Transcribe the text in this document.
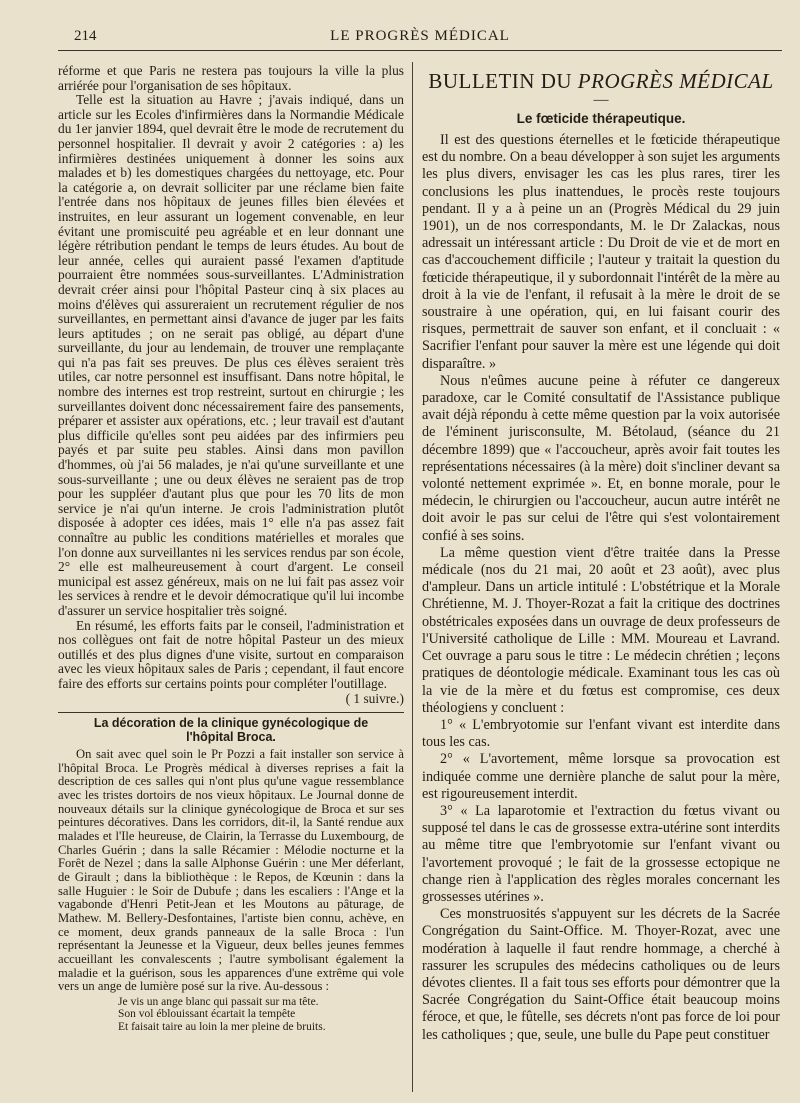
214	LE PROGRÈS MÉDICAL

réforme et que Paris ne restera pas toujours la ville la plus arriérée pour l'organisation de ses hôpitaux.

Telle est la situation au Havre ; j'avais indiqué, dans un article sur les Ecoles d'infirmières dans la Normandie Médicale du 1er janvier 1894, quel devrait être le mode de recrutement du personnel hospitalier. Il devrait y avoir 2 catégories : a) les infirmières destinées uniquement à donner les soins aux malades et b) les domestiques chargées du nettoyage, etc. Pour la catégorie a, on devrait solliciter par une réclame bien faite l'entrée dans nos hôpitaux de jeunes filles bien élevées et instruites, en leur assurant un logement convenable, en leur évitant une promiscuité peu agréable et en leur donnant une légère rétribution pendant le temps de leurs études. Au bout de leur année, celles qui auraient passé l'examen d'aptitude pourraient être nommées sous-surveillantes. L'Administration devrait créer ainsi pour l'hôpital Pasteur cinq à six places au moins d'élèves qui assureraient un recrutement régulier de nos surveillantes, en permettant ainsi d'avance de juger par les faits leurs aptitudes ; on ne serait pas obligé, au départ d'une surveillante, du jour au lendemain, de trouver une remplaçante qui n'a pas fait ses preuves. De plus ces élèves seraient très utiles, car notre personnel est insuffisant. Dans notre hôpital, le nombre des internes est trop restreint, surtout en chirurgie ; les surveillantes doivent donc nécessairement faire des pansements, préparer et assister aux opérations, etc. ; leur travail est d'autant plus difficile qu'elles sont peu aidées par des infirmiers peu payés et par suite peu stables. Ainsi dans mon pavillon d'hommes, où j'ai 56 malades, je n'ai qu'une surveillante et une sous-surveillante ; une ou deux élèves ne seraient pas de trop pour les suppléer d'autant plus que pour les 70 lits de mon service je n'ai qu'un interne. Je crois l'administration plutôt disposée à adopter ces idées, mais 1° elle n'a pas assez fait connaître au public les conditions matérielles et morales que l'on donne aux surveillantes ni les services rendus par son école, 2° elle est malheureusement à court d'argent. Le conseil municipal est assez généreux, mais on ne lui fait pas assez voir les services à rendre et le devoir démocratique qu'il lui incombe d'assurer un service hospitalier très soigné.

En résumé, les efforts faits par le conseil, l'administration et nos collègues ont fait de notre hôpital Pasteur un des mieux outillés et des plus dignes d'une visite, surtout en comparaison avec les vieux hôpitaux sales de Paris ; cependant, il faut encore faire des efforts sur certains points pour compléter l'outillage.

( 1 suivre.)
La décoration de la clinique gynécologique de l'hôpital Broca.

On sait avec quel soin le Pr Pozzi a fait installer son service à l'hôpital Broca. Le Progrès médical à diverses reprises a fait la description de ces salles qui n'ont plus qu'une vague ressemblance avec les tristes dortoirs de nos vieux hôpitaux. Le Journal donne de nouveaux détails sur la clinique gynécologique de Broca et sur ses peintures décoratives. Dans les corridors, dit-il, la Santé rendue aux malades et l'Ile heureuse, de Clairin, la Terrasse du Luxembourg, de Charles Guérin ; dans la salle Récamier : Mélodie nocturne et la Forêt de Nezel ; dans la salle Alphonse Guérin : une Mer déferlant, de Girault ; dans la bibliothèque : le Repos, de Kœunin : dans la salle Huguier : le Soir de Dubufe ; dans les escaliers : l'Ange et la vagabonde d'Henri Petit-Jean et les Moutons au pâturage, de Mathew. M. Bellery-Desfontaines, l'artiste bien connu, achève, en ce moment, deux grands panneaux de la salle Broca : l'un représentant la Jeunesse et la Vigueur, deux belles jeunes femmes accueillant les convalescents ; l'autre symbolisant également la maladie et la guérison, sous les apparences d'une extrême qui vole vers un ange de lumière posé sur la rive. Au-dessous :

Je vis un ange blanc qui passait sur ma tête.
Son vol éblouissant écartait la tempête
Et faisait taire au loin la mer pleine de bruits.
BULLETIN DU PROGRÈS MÉDICAL
—
Le fœticide thérapeutique.

Il est des questions éternelles et le fœticide thérapeutique est du nombre. On a beau développer à son sujet les arguments les plus divers, envisager les cas les plus rares, tirer les conclusions les plus inattendues, le procès reste toujours pendant. Il y a à peine un an (Progrès Médical du 29 juin 1901), un de nos correspondants, M. le Dr Zalackas, nous adressait un intéressant article : Du Droit de vie et de mort en cas d'accouchement difficile ; l'auteur y traitait la question du fœticide thérapeutique, il y subordonnait l'intérêt de la mère au droit à la vie de l'enfant, il refusait à la mère le droit de se soustraire à une opération, qui, en lui faisant courir des risques, permettrait de sauver son enfant, et il concluait : « Sacrifier l'enfant pour sauver la mère est une légende qui doit disparaître. »

Nous n'eûmes aucune peine à réfuter ce dangereux paradoxe, car le Comité consultatif de l'Assistance publique avait déjà répondu à cette même question par la voix autorisée de l'éminent jurisconsulte, M. Bétolaud, (séance du 21 décembre 1899) que « l'accoucheur, après avoir fait toutes les représentations nécessaires (à la mère) doit s'incliner devant sa volonté nettement exprimée ». Et, en bonne morale, pour le médecin, le chirurgien ou l'accoucheur, aucun autre intérêt ne doit avoir le pas sur celui de l'être qui s'est volontairement confié à ses soins.

La même question vient d'être traitée dans la Presse médicale (nos du 21 mai, 20 août et 23 août), avec plus d'ampleur. Dans un article intitulé : L'obstétrique et la Morale Chrétienne, M. J. Thoyer-Rozat a fait la critique des doctrines obstétricales exposées dans un ouvrage de deux professeurs de l'Université catholique de Lille : MM. Moureau et Lavrand. Cet ouvrage a paru sous le titre : Le médecin chrétien ; leçons pratiques de déontologie médicale. Examinant tous les cas où la vie de la mère et du fœtus est compromise, ces deux théologiens y concluent :

1° « L'embryotomie sur l'enfant vivant est interdite dans tous les cas.

2° « L'avortement, même lorsque sa provocation est indiquée comme une dernière planche de salut pour la mère, est rigoureusement interdit.

3° « La laparotomie et l'extraction du fœtus vivant ou supposé tel dans le cas de grossesse extra-utérine sont interdits au même titre que l'embryotomie sur l'enfant vivant ou l'avortement provoqué ; le fait de la grossesse ectopique ne change rien à l'application des règles morales concernant les grossesses utérines ».

Ces monstruosités s'appuyent sur les décrets de la Sacrée Congrégation du Saint-Office. M. Thoyer-Rozat, avec une modération à laquelle il faut rendre hommage, a cherché à rassurer les scrupules des médecins catholiques ou de leurs dévotes clientes. Il a fait tous ses efforts pour démontrer que la Sacrée Congrégation du Saint-Office était beaucoup moins féroce, et que, le fûtelle, ses décrets n'ont pas force de loi pour les catholiques ; que, seule, une bulle du Pape peut constituer
